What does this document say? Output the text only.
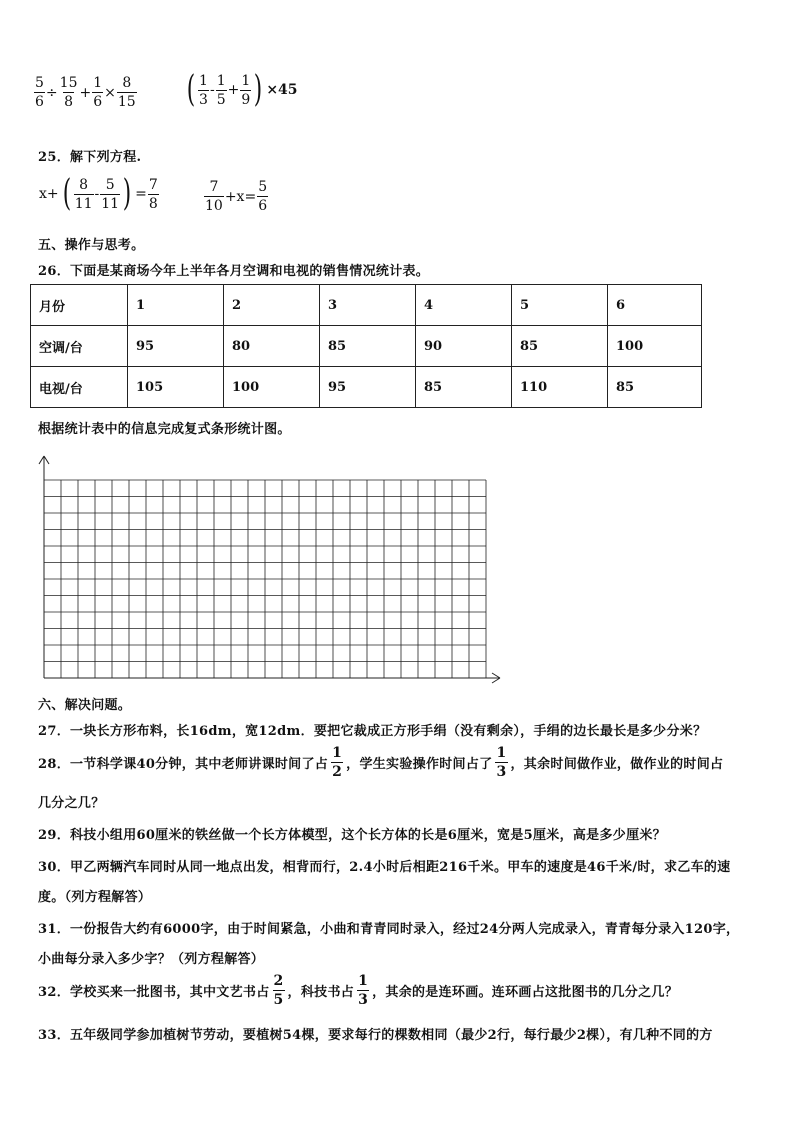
$\frac{5}{6} \div \frac{15}{8} + \frac{1}{6} \times \frac{8}{15}$ ( $\frac{1}{3} - \frac{1}{5} + \frac{1}{9}$ ) ×45
25．解下列方程.
x+ ( $\frac{8}{11} - \frac{5}{11}$ ) = $\frac{7}{8}$	$\frac{7}{10} +x= \frac{5}{6}$
五、操作与思考。
26．下面是某商场今年上半年各月空调和电视的销售情况统计表。
月份	1	2	3	4	5	6
空调/台	95	80	85	90	85	100
电视/台	105	100	95	85	110	85
根据统计表中的信息完成复式条形统计图。
六、解决问题。
27．一块长方形布料，长16dm，宽12dm．要把它裁成正方形手绢（没有剩余），手绢的边长最长是多少分米？
28．一节科学课40分钟，其中老师讲课时间了占 $\frac{1}{2}$ ，学生实验操作时间占了 $\frac{1}{3}$ ，其余时间做作业，做作业的时间占
几分之几？
29．科技小组用60厘米的铁丝做一个长方体模型，这个长方体的长是6厘米，宽是5厘米，高是多少厘米？
30．甲乙两辆汽车同时从同一地点出发，相背而行，2.4小时后相距216千米。甲车的速度是46千米/时，求乙车的速
度。（列方程解答）
31．一份报告大约有6000字，由于时间紧急，小曲和青青同时录入，经过24分两人完成录入，青青每分录入120字，
小曲每分录入多少字？（列方程解答）
32．学校买来一批图书，其中文艺书占 $\frac{2}{5}$ ，科技书占 $\frac{1}{3}$ ，其余的是连环画。连环画占这批图书的几分之几？
33．五年级同学参加植树节劳动，要植树54棵，要求每行的棵数相同（最少2行，每行最少2棵），有几种不同的方
